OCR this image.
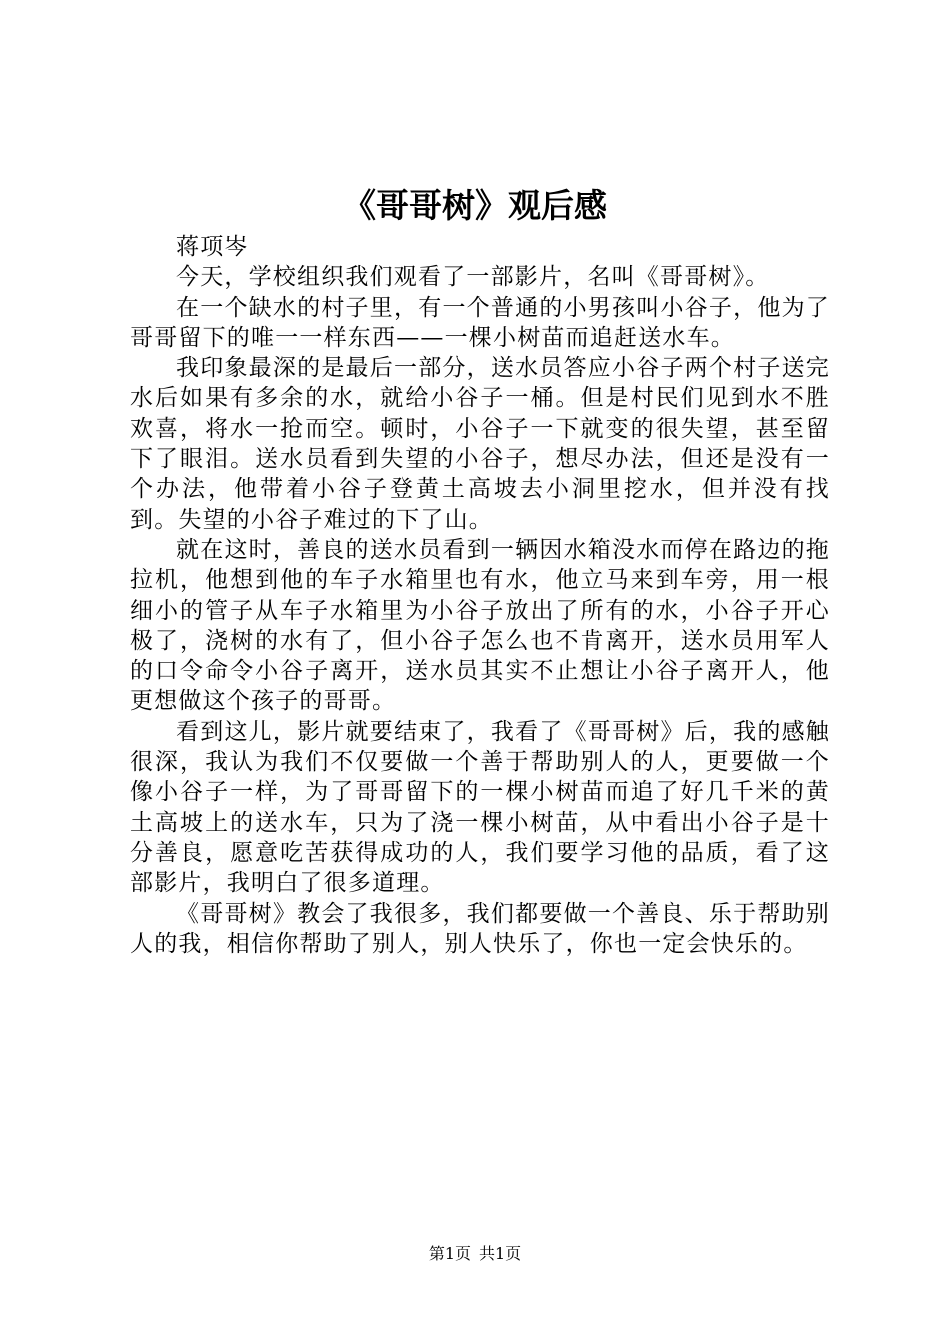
《哥哥树》观后感

蒋项岑

今天，学校组织我们观看了一部影片，名叫《哥哥树》。

在一个缺水的村子里，有一个普通的小男孩叫小谷子，他为了哥哥留下的唯一一样东西——一棵小树苗而追赶送水车。

我印象最深的是最后一部分，送水员答应小谷子两个村子送完水后如果有多余的水，就给小谷子一桶。但是村民们见到水不胜欢喜，将水一抢而空。顿时，小谷子一下就变的很失望，甚至留下了眼泪。送水员看到失望的小谷子，想尽办法，但还是没有一个办法，他带着小谷子登黄土高坡去小洞里挖水，但并没有找到。失望的小谷子难过的下了山。

就在这时，善良的送水员看到一辆因水箱没水而停在路边的拖拉机，他想到他的车子水箱里也有水，他立马来到车旁，用一根细小的管子从车子水箱里为小谷子放出了所有的水，小谷子开心极了，浇树的水有了，但小谷子怎么也不肯离开，送水员用军人的口令命令小谷子离开，送水员其实不止想让小谷子离开人，他更想做这个孩子的哥哥。

看到这儿，影片就要结束了，我看了《哥哥树》后，我的感触很深，我认为我们不仅要做一个善于帮助别人的人，更要做一个像小谷子一样，为了哥哥留下的一棵小树苗而追了好几千米的黄土高坡上的送水车，只为了浇一棵小树苗，从中看出小谷子是十分善良，愿意吃苦获得成功的人，我们要学习他的品质，看了这部影片，我明白了很多道理。

《哥哥树》教会了我很多，我们都要做一个善良、乐于帮助别人的我，相信你帮助了别人，别人快乐了，你也一定会快乐的。

第1页 共1页
